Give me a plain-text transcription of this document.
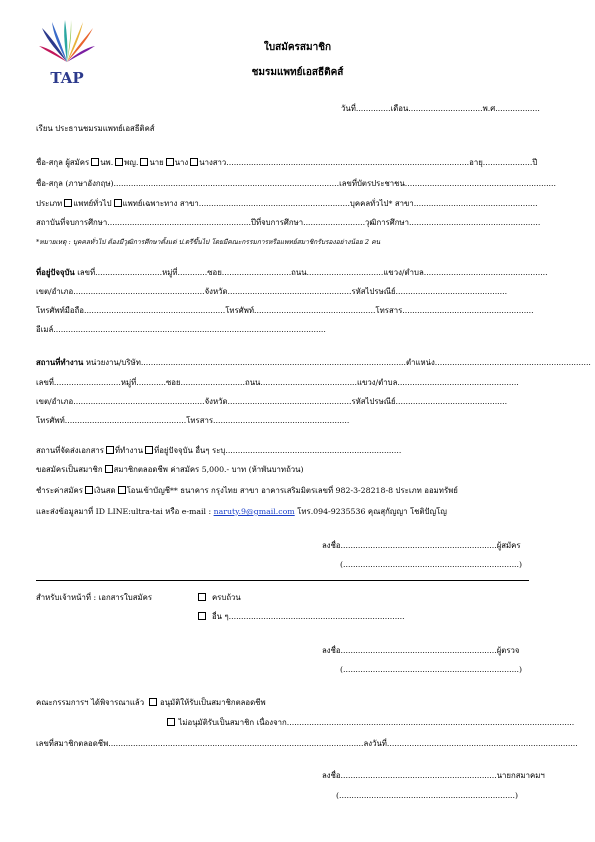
TAP
ใบสมัครสมาชิก
ชมรมแพทย์เอสธีติคส์
วันที่..............เดือน..............................พ.ศ..................
เรียน ประธานชมรมแพทย์เอสธีติคส์
ชื่อ-สกุล ผู้สมัคร นพ. พญ. นาย นาง นางสาว..................................................................................................อายุ....................ปี
ชื่อ-สกุล (ภาษาอังกฤษ)...........................................................................................เลขที่บัตรประชาชน.............................................................
ประเภท แพทย์ทั่วไป แพทย์เฉพาะทาง สาขา.............................................................บุคคลทั่วไป* สาขา..................................................
สถาบันที่จบการศึกษา..........................................................ปีที่จบการศึกษา.........................วุฒิการศึกษา.....................................................
*หมายเหตุ : บุคคลทั่วไป ต้องมีวุฒิการศึกษาตั้งแต่ ป.ตรีขึ้นไป โดยมีคณะกรรมการหรือแพทย์สมาชิกรับรองอย่างน้อย 2 คน
ที่อยู่ปัจจุบัน เลขที่...........................หมู่ที่............ซอย............................ถนน...............................แขวง/ตำบล..................................................
เขต/อำเภอ.....................................................จังหวัด..................................................รหัสไปรษณีย์.............................................
โทรศัพท์มือถือ.........................................................โทรศัพท์.................................................โทรสาร.....................................................
อีเมล์..............................................................................................................
สถานที่ทำงาน หน่วยงาน/บริษัท...........................................................................................................ตำแหน่ง...............................................................
เลขที่...........................หมู่ที่............ซอย..........................ถนน.......................................แขวง/ตำบล.................................................
เขต/อำเภอ.....................................................จังหวัด..................................................รหัสไปรษณีย์.............................................
โทรศัพท์.................................................โทรสาร.......................................................
สถานที่จัดส่งเอกสาร ที่ทำงาน ที่อยู่ปัจจุบัน อื่นๆ ระบุ.......................................................................
ขอสมัครเป็นสมาชิก สมาชิกตลอดชีพ ค่าสมัคร 5,000.- บาท (ห้าพันบาทถ้วน)
ชำระค่าสมัคร เงินสด โอนเข้าบัญชี** ธนาคาร กรุงไทย สาขา อาคารเสริมมิตรเลขที่ 982-3-28218-8 ประเภท ออมทรัพย์
และส่งข้อมูลมาที่ ID LINE:ultra-tai หรือ e-mail : naruty.9@gmail.com โทร.094-9235536 คุณสุกัญญา โชติปัญโญ
ลงชื่อ...............................................................ผู้สมัคร
(.......................................................................)
สำหรับเจ้าหน้าที่ : เอกสารใบสมัคร	ครบถ้วน
อื่น ๆ.......................................................................
ลงชื่อ...............................................................ผู้ตรวจ
(.......................................................................)
คณะกรรมการฯ ได้พิจารณาแล้ว อนุมัติให้รับเป็นสมาชิกตลอดชีพ
ไม่อนุมัติรับเป็นสมาชิก เนื่องจาก....................................................................................................................
เลขที่สมาชิกตลอดชีพ.......................................................................................................ลงวันที่.............................................................................
ลงชื่อ...............................................................นายกสมาคมฯ
(.......................................................................)
